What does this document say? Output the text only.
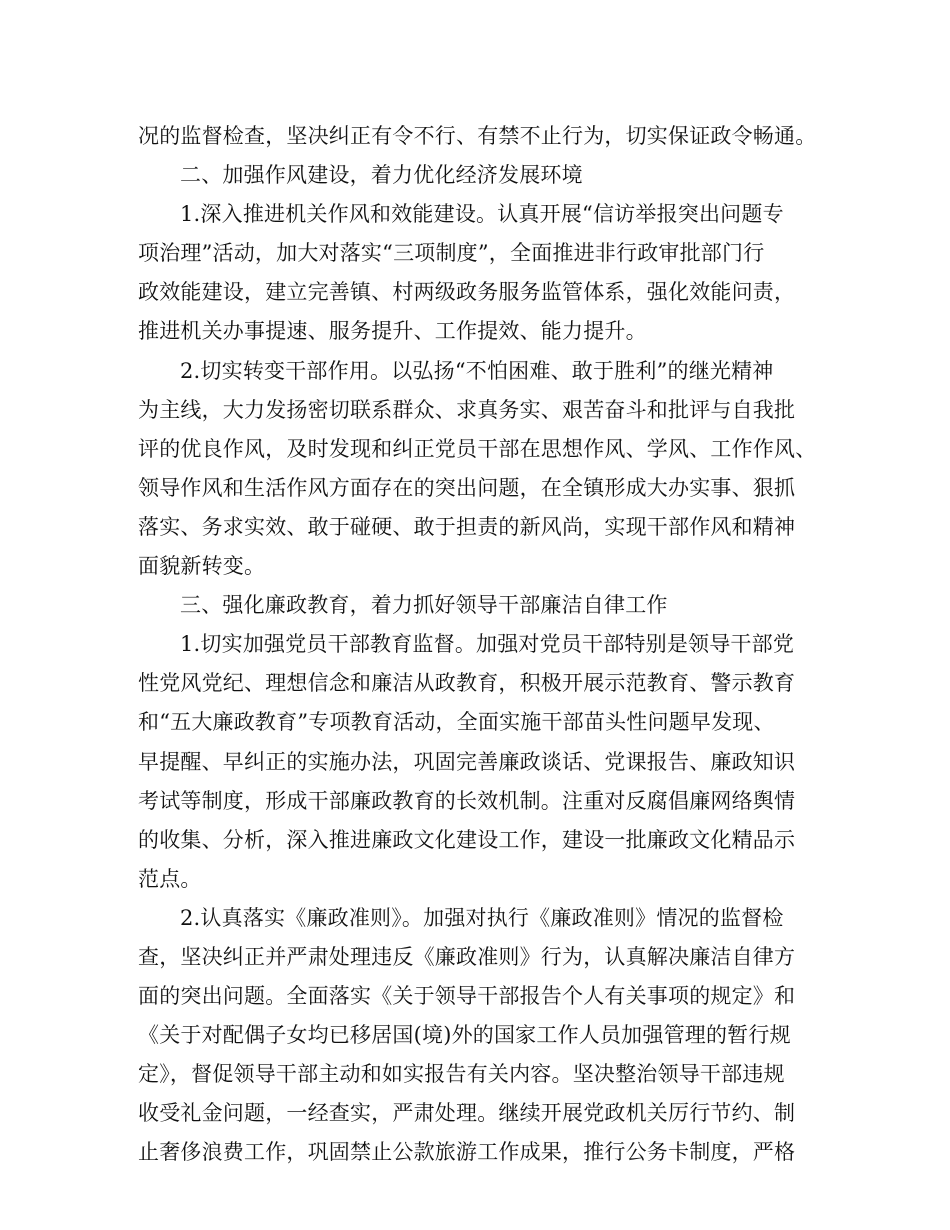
况的监督检查，坚决纠正有令不行、有禁不止行为，切实保证政令畅通。
二、加强作风建设，着力优化经济发展环境
1.深入推进机关作风和效能建设。认真开展“信访举报突出问题专
项治理”活动，加大对落实“三项制度”，全面推进非行政审批部门行
政效能建设，建立完善镇、村两级政务服务监管体系，强化效能问责，
推进机关办事提速、服务提升、工作提效、能力提升。
2.切实转变干部作用。以弘扬“不怕困难、敢于胜利”的继光精神
为主线，大力发扬密切联系群众、求真务实、艰苦奋斗和批评与自我批
评的优良作风，及时发现和纠正党员干部在思想作风、学风、工作作风、
领导作风和生活作风方面存在的突出问题，在全镇形成大办实事、狠抓
落实、务求实效、敢于碰硬、敢于担责的新风尚，实现干部作风和精神
面貌新转变。
三、强化廉政教育，着力抓好领导干部廉洁自律工作
1.切实加强党员干部教育监督。加强对党员干部特别是领导干部党
性党风党纪、理想信念和廉洁从政教育，积极开展示范教育、警示教育
和“五大廉政教育”专项教育活动，全面实施干部苗头性问题早发现、
早提醒、早纠正的实施办法，巩固完善廉政谈话、党课报告、廉政知识
考试等制度，形成干部廉政教育的长效机制。注重对反腐倡廉网络舆情
的收集、分析，深入推进廉政文化建设工作，建设一批廉政文化精品示
范点。
2.认真落实《廉政准则》。加强对执行《廉政准则》情况的监督检
查，坚决纠正并严肃处理违反《廉政准则》行为，认真解决廉洁自律方
面的突出问题。全面落实《关于领导干部报告个人有关事项的规定》和
《关于对配偶子女均已移居国(境)外的国家工作人员加强管理的暂行规
定》，督促领导干部主动和如实报告有关内容。坚决整治领导干部违规
收受礼金问题，一经查实，严肃处理。继续开展党政机关厉行节约、制
止奢侈浪费工作，巩固禁止公款旅游工作成果，推行公务卡制度，严格
